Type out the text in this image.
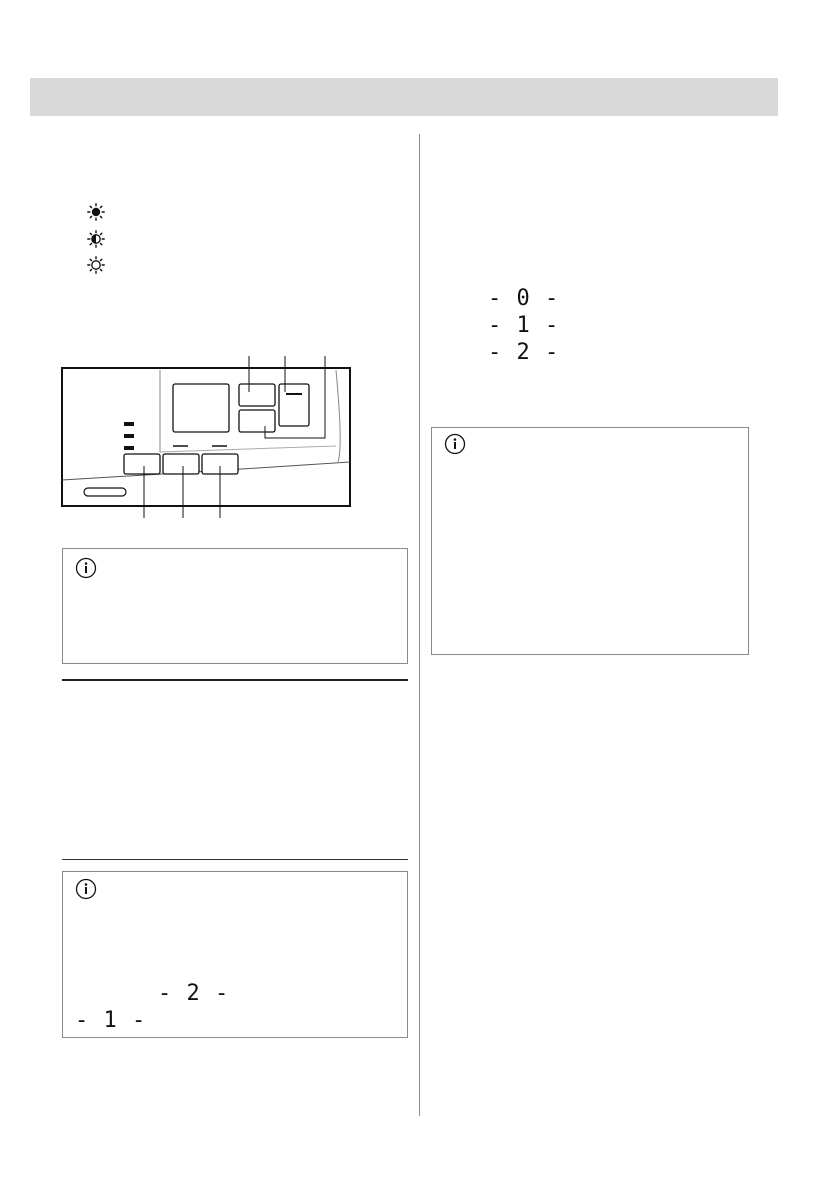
- 2 -
- 1 -
- 0 -
- 1 -
- 2 -
